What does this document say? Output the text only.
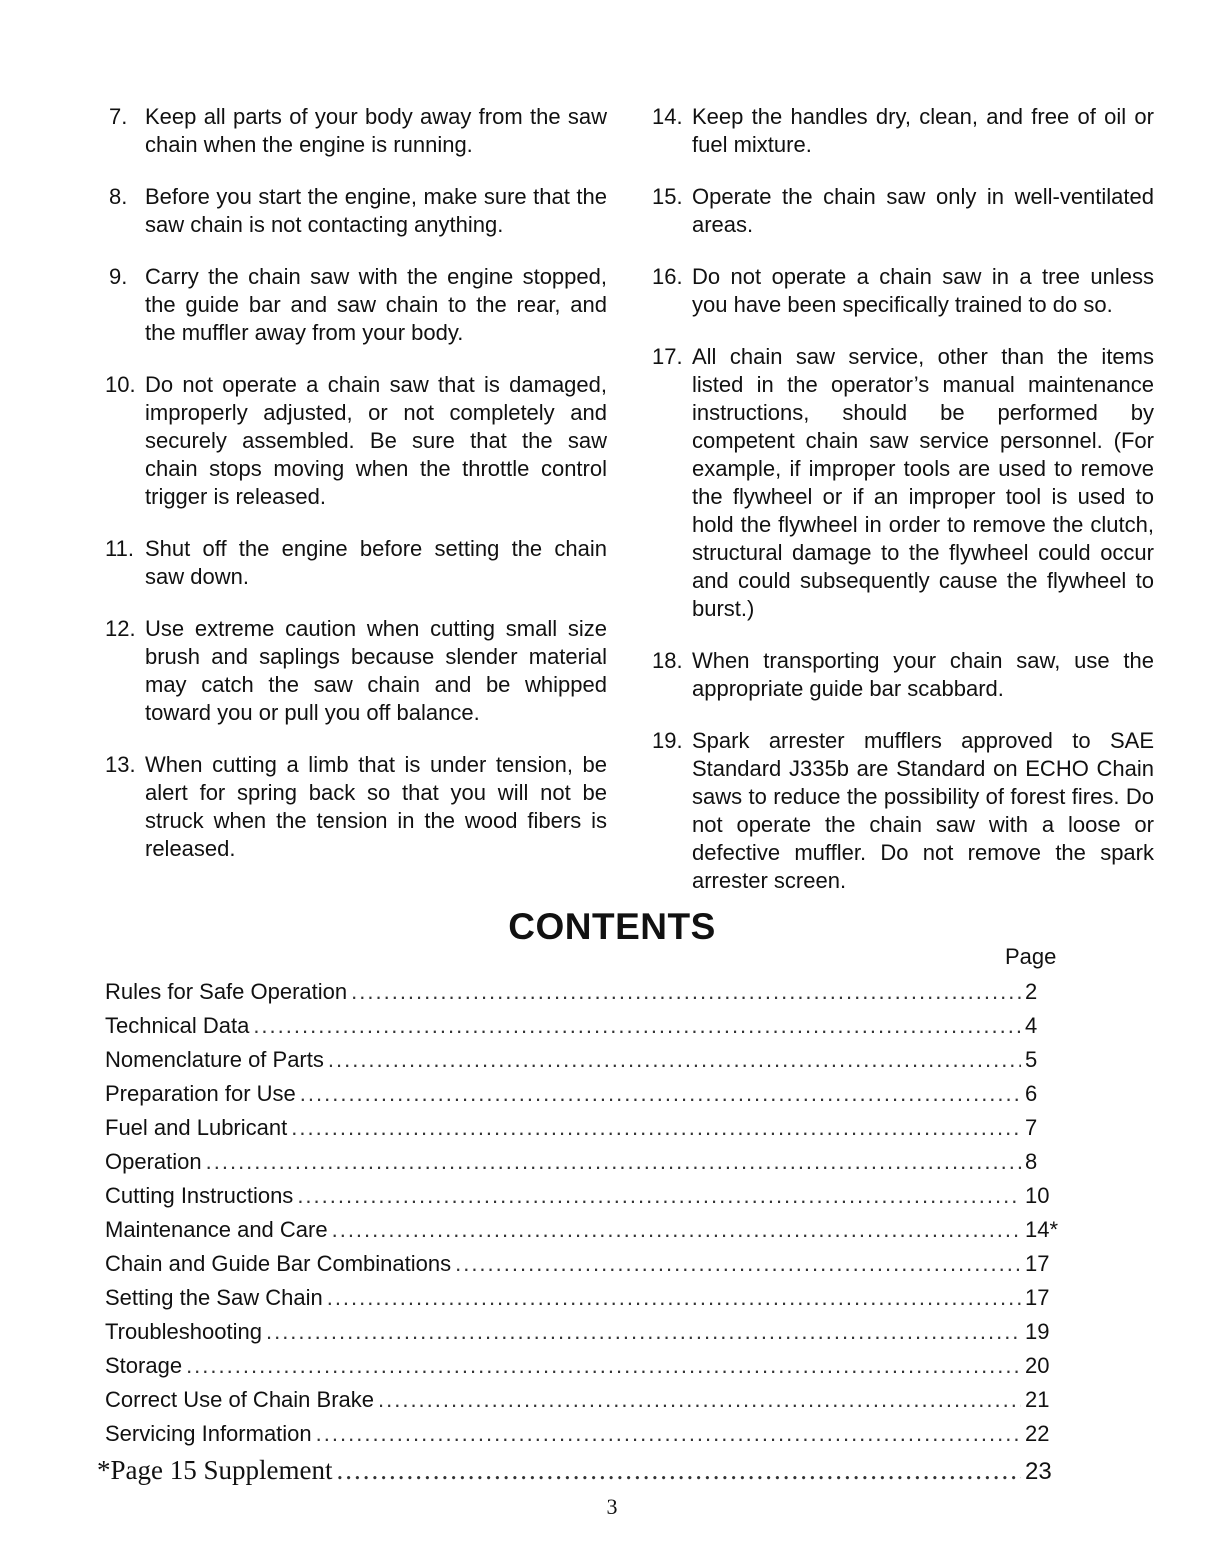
7. Keep all parts of your body away from the saw chain when the engine is running.
8. Before you start the engine, make sure that the saw chain is not contacting anything.
9. Carry the chain saw with the engine stopped, the guide bar and saw chain to the rear, and the muffler away from your body.
10. Do not operate a chain saw that is damaged, improperly adjusted, or not completely and securely assembled. Be sure that the saw chain stops moving when the throttle control trigger is released.
11. Shut off the engine before setting the chain saw down.
12. Use extreme caution when cutting small size brush and saplings because slender material may catch the saw chain and be whipped toward you or pull you off balance.
13. When cutting a limb that is under tension, be alert for spring back so that you will not be struck when the tension in the wood fibers is released.
14. Keep the handles dry, clean, and free of oil or fuel mixture.
15. Operate the chain saw only in well-ventilated areas.
16. Do not operate a chain saw in a tree unless you have been specifically trained to do so.
17. All chain saw service, other than the items listed in the operator’s manual maintenance instructions, should be performed by competent chain saw service personnel. (For example, if improper tools are used to remove the flywheel or if an improper tool is used to hold the flywheel in order to remove the clutch, structural damage to the flywheel could occur and could subsequently cause the flywheel to burst.)
18. When transporting your chain saw, use the appropriate guide bar scabbard.
19. Spark arrester mufflers approved to SAE Standard J335b are Standard on ECHO Chain saws to reduce the possibility of forest fires. Do not operate the chain saw with a loose or defective muffler. Do not remove the spark arrester screen.
CONTENTS
Page
Rules for Safe Operation .....	2
Technical Data .....	4
Nomenclature of Parts .....	5
Preparation for Use .....	6
Fuel and Lubricant .....	7
Operation .....	8
Cutting Instructions .....	10
Maintenance and Care .....	14*
Chain and Guide Bar Combinations .....	17
Setting the Saw Chain .....	17
Troubleshooting .....	19
Storage .....	20
Correct Use of Chain Brake .....	21
Servicing Information .....	22
*Page 15 Supplement .....	23
3
